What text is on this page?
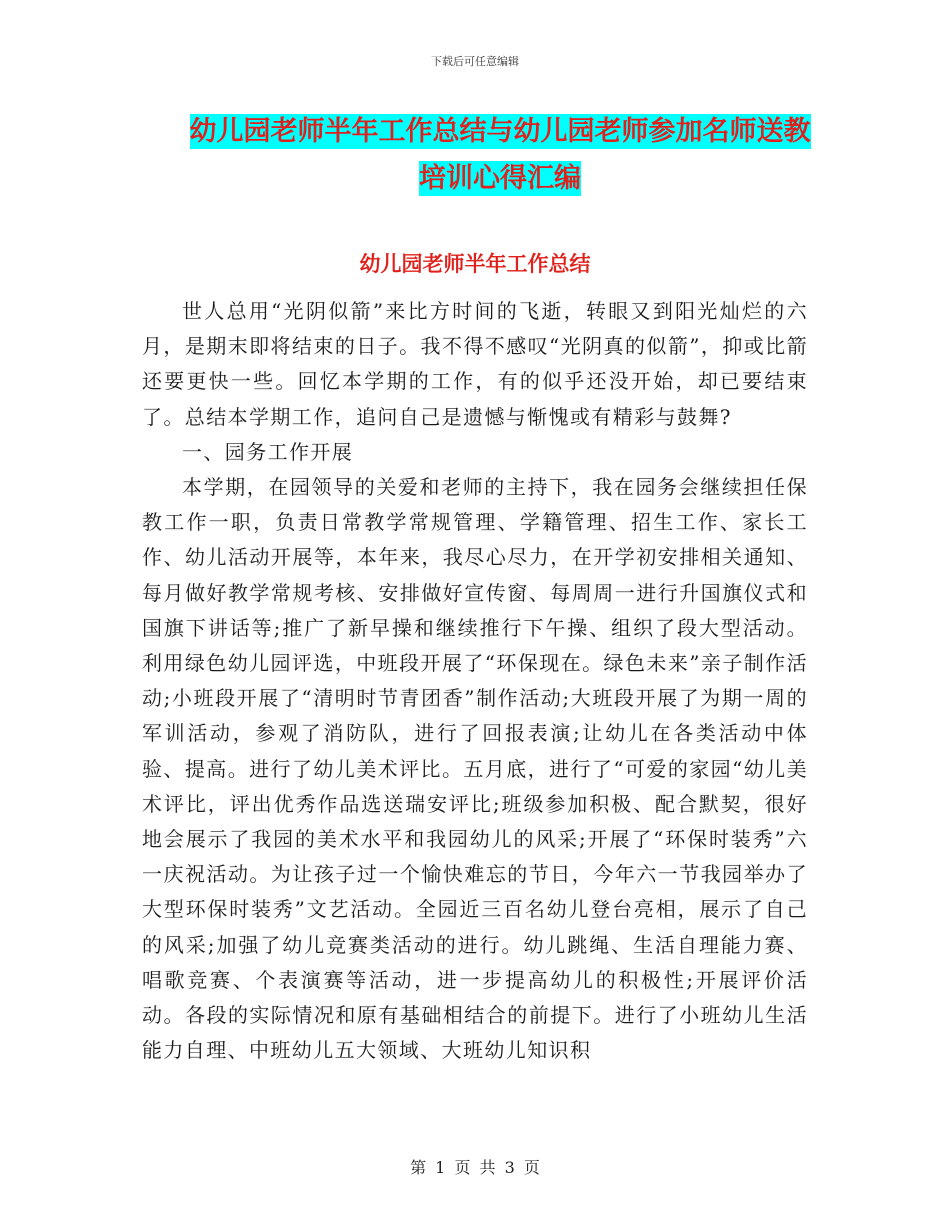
下载后可任意编辑
幼儿园老师半年工作总结与幼儿园老师参加名师送教
培训心得汇编
幼儿园老师半年工作总结

世人总用“光阴似箭”来比方时间的飞逝，转眼又到阳光灿烂的六月，是期末即将结束的日子。我不得不感叹“光阴真的似箭”，抑或比箭还要更快一些。回忆本学期的工作，有的似乎还没开始，却已要结束了。总结本学期工作，追问自己是遗憾与惭愧或有精彩与鼓舞?

一、园务工作开展

本学期，在园领导的关爱和老师的主持下，我在园务会继续担任保教工作一职，负责日常教学常规管理、学籍管理、招生工作、家长工作、幼儿活动开展等，本年来，我尽心尽力，在开学初安排相关通知、每月做好教学常规考核、安排做好宣传窗、每周周一进行升国旗仪式和国旗下讲话等;推广了新早操和继续推行下午操、组织了段大型活动。利用绿色幼儿园评选，中班段开展了“环保现在。绿色未来”亲子制作活动;小班段开展了“清明时节青团香”制作活动;大班段开展了为期一周的军训活动，参观了消防队，进行了回报表演;让幼儿在各类活动中体验、提高。进行了幼儿美术评比。五月底，进行了“可爱的家园“幼儿美术评比，评出优秀作品选送瑞安评比;班级参加积极、配合默契，很好地会展示了我园的美术水平和我园幼儿的风采;开展了“环保时装秀”六一庆祝活动。为让孩子过一个愉快难忘的节日，今年六一节我园举办了大型环保时装秀”文艺活动。全园近三百名幼儿登台亮相，展示了自己的风采;加强了幼儿竞赛类活动的进行。幼儿跳绳、生活自理能力赛、唱歌竞赛、个表演赛等活动，进一步提高幼儿的积极性;开展评价活动。各段的实际情况和原有基础相结合的前提下。进行了小班幼儿生活能力自理、中班幼儿五大领域、大班幼儿知识积

第 1 页 共 3 页
